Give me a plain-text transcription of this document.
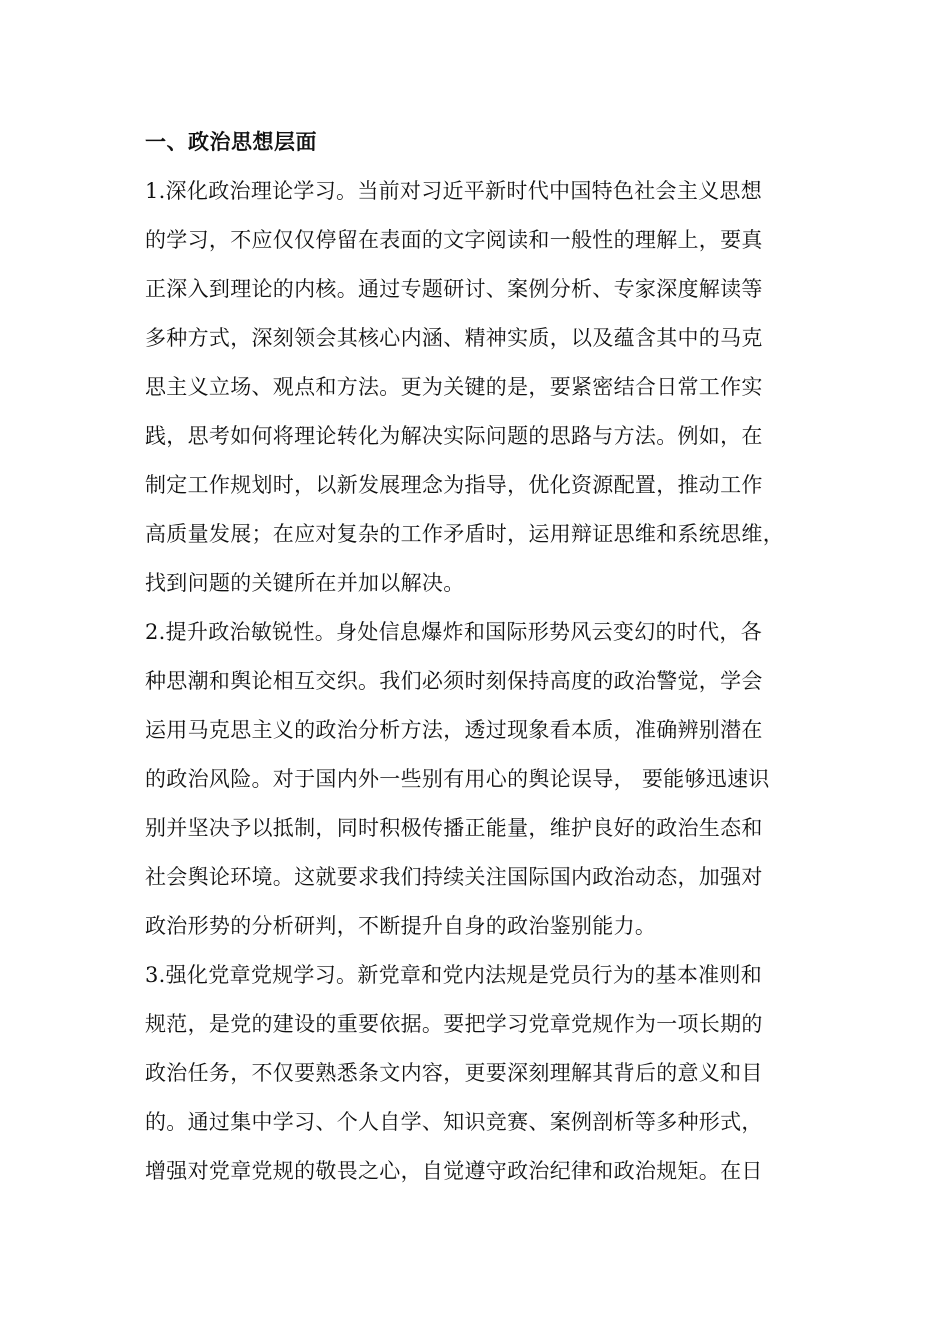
一、政治思想层面

1.深化政治理论学习。当前对习近平新时代中国特色社会主义思想
的学习，不应仅仅停留在表面的文字阅读和一般性的理解上，要真
正深入到理论的内核。通过专题研讨、案例分析、专家深度解读等
多种方式，深刻领会其核心内涵、精神实质，以及蕴含其中的马克
思主义立场、观点和方法。更为关键的是，要紧密结合日常工作实
践，思考如何将理论转化为解决实际问题的思路与方法。例如，在
制定工作规划时，以新发展理念为指导，优化资源配置，推动工作
高质量发展；在应对复杂的工作矛盾时，运用辩证思维和系统思维，
找到问题的关键所在并加以解决。

2.提升政治敏锐性。身处信息爆炸和国际形势风云变幻的时代，各
种思潮和舆论相互交织。我们必须时刻保持高度的政治警觉，学会
运用马克思主义的政治分析方法，透过现象看本质，准确辨别潜在
的政治风险。对于国内外一些别有用心的舆论误导， 要能够迅速识
别并坚决予以抵制，同时积极传播正能量，维护良好的政治生态和
社会舆论环境。这就要求我们持续关注国际国内政治动态，加强对
政治形势的分析研判，不断提升自身的政治鉴别能力。

3.强化党章党规学习。新党章和党内法规是党员行为的基本准则和
规范，是党的建设的重要依据。要把学习党章党规作为一项长期的
政治任务，不仅要熟悉条文内容，更要深刻理解其背后的意义和目
的。通过集中学习、个人自学、知识竞赛、案例剖析等多种形式，
增强对党章党规的敬畏之心，自觉遵守政治纪律和政治规矩。在日
